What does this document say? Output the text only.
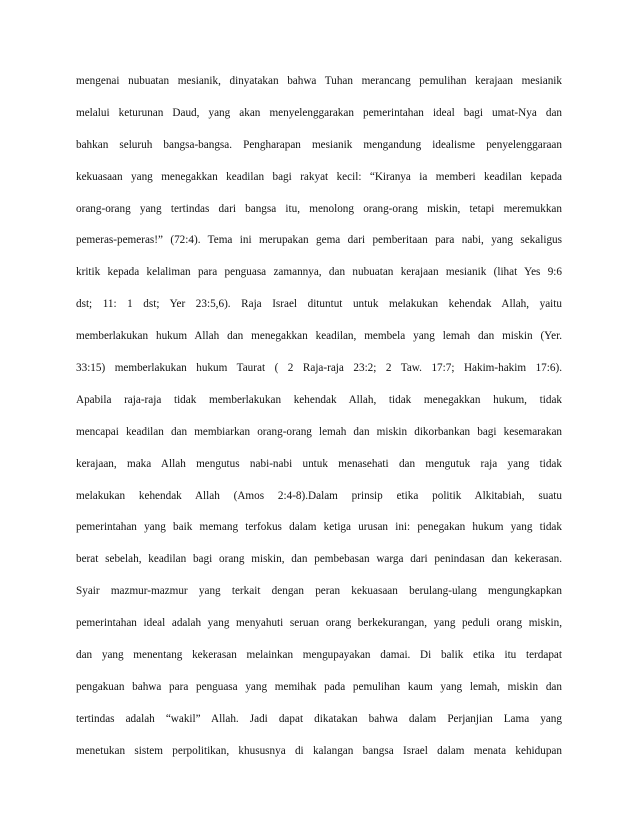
mengenai nubuatan mesianik, dinyatakan bahwa Tuhan merancang pemulihan kerajaan mesianik
melalui keturunan Daud, yang akan menyelenggarakan pemerintahan ideal bagi umat-Nya dan
bahkan seluruh bangsa-bangsa. Pengharapan mesianik mengandung idealisme penyelenggaraan
kekuasaan yang menegakkan keadilan bagi rakyat kecil: “Kiranya ia memberi keadilan kepada
orang-orang yang tertindas dari bangsa itu, menolong orang-orang miskin, tetapi meremukkan
pemeras-pemeras!” (72:4). Tema ini merupakan gema dari pemberitaan para nabi, yang sekaligus
kritik kepada kelaliman para penguasa zamannya, dan nubuatan kerajaan mesianik (lihat Yes 9:6
dst; 11: 1 dst; Yer 23:5,6). Raja Israel dituntut untuk melakukan kehendak Allah, yaitu
memberlakukan hukum Allah dan menegakkan keadilan, membela yang lemah dan miskin (Yer.
33:15) memberlakukan hukum Taurat ( 2 Raja-raja 23:2; 2 Taw. 17:7; Hakim-hakim 17:6).
Apabila raja-raja tidak memberlakukan kehendak Allah, tidak menegakkan hukum, tidak
mencapai keadilan dan membiarkan orang-orang lemah dan miskin dikorbankan bagi kesemarakan
kerajaan, maka Allah mengutus nabi-nabi untuk menasehati dan mengutuk raja yang tidak
melakukan kehendak Allah (Amos 2:4-8).Dalam prinsip etika politik Alkitabiah, suatu
pemerintahan yang baik memang terfokus dalam ketiga urusan ini: penegakan hukum yang tidak
berat sebelah, keadilan bagi orang miskin, dan pembebasan warga dari penindasan dan kekerasan.
Syair mazmur-mazmur yang terkait dengan peran kekuasaan berulang-ulang mengungkapkan
pemerintahan ideal adalah yang menyahuti seruan orang berkekurangan, yang peduli orang miskin,
dan yang menentang kekerasan melainkan mengupayakan damai. Di balik etika itu terdapat
pengakuan bahwa para penguasa yang memihak pada pemulihan kaum yang lemah, miskin dan
tertindas adalah “wakil” Allah. Jadi dapat dikatakan bahwa dalam Perjanjian Lama yang
menetukan sistem perpolitikan, khususnya di kalangan bangsa Israel dalam menata kehidupan
